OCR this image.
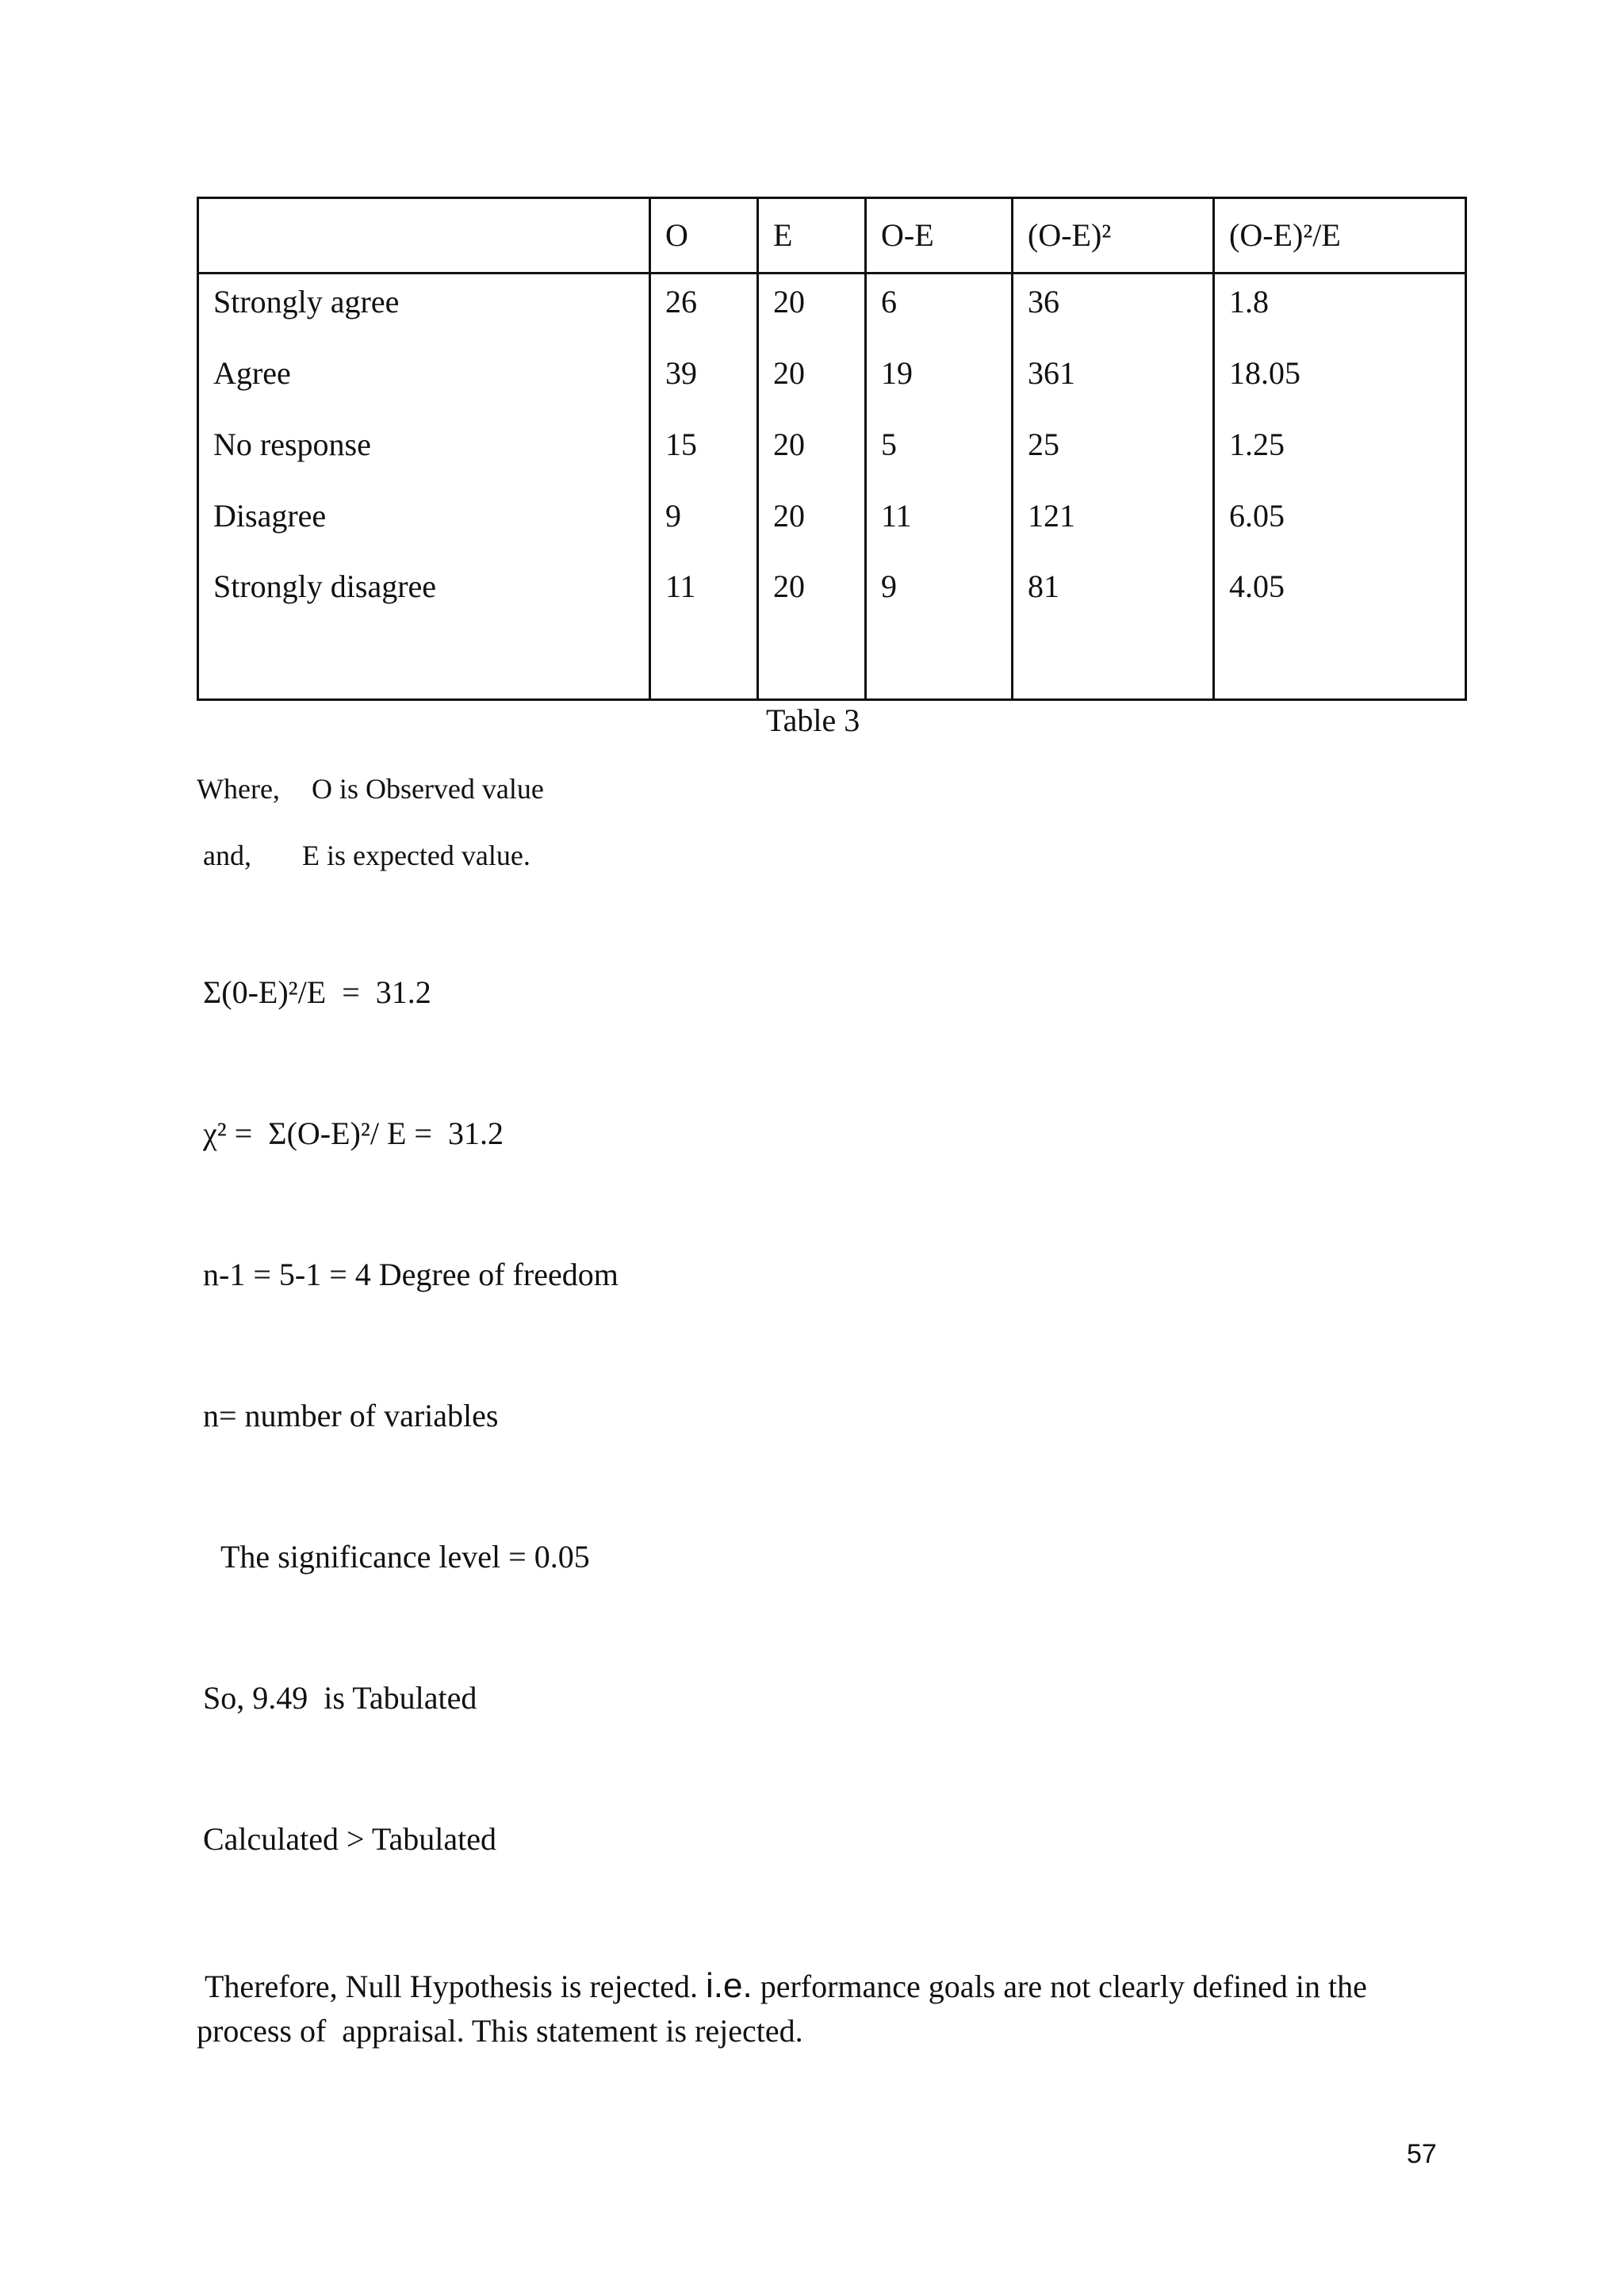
	O	E	O-E	(O-E)²	(O-E)²/E
Strongly agree	26	20	6	36	1.8
Agree	39	20	19	361	18.05
No response	15	20	5	25	1.25
Disagree	9	20	11	121	6.05
Strongly disagree	11	20	9	81	4.05

Table 3
Where, O is Observed value
and, E is expected value.
Σ(0-E)²/E  =  31.2
χ² =  Σ(O-E)²/ E =  31.2
n-1 = 5-1 = 4 Degree of freedom
n= number of variables
The significance level = 0.05
So, 9.49  is Tabulated
Calculated > Tabulated
Therefore, Null Hypothesis is rejected. i.e. performance goals are not clearly defined in the
process of  appraisal. This statement is rejected.
57
